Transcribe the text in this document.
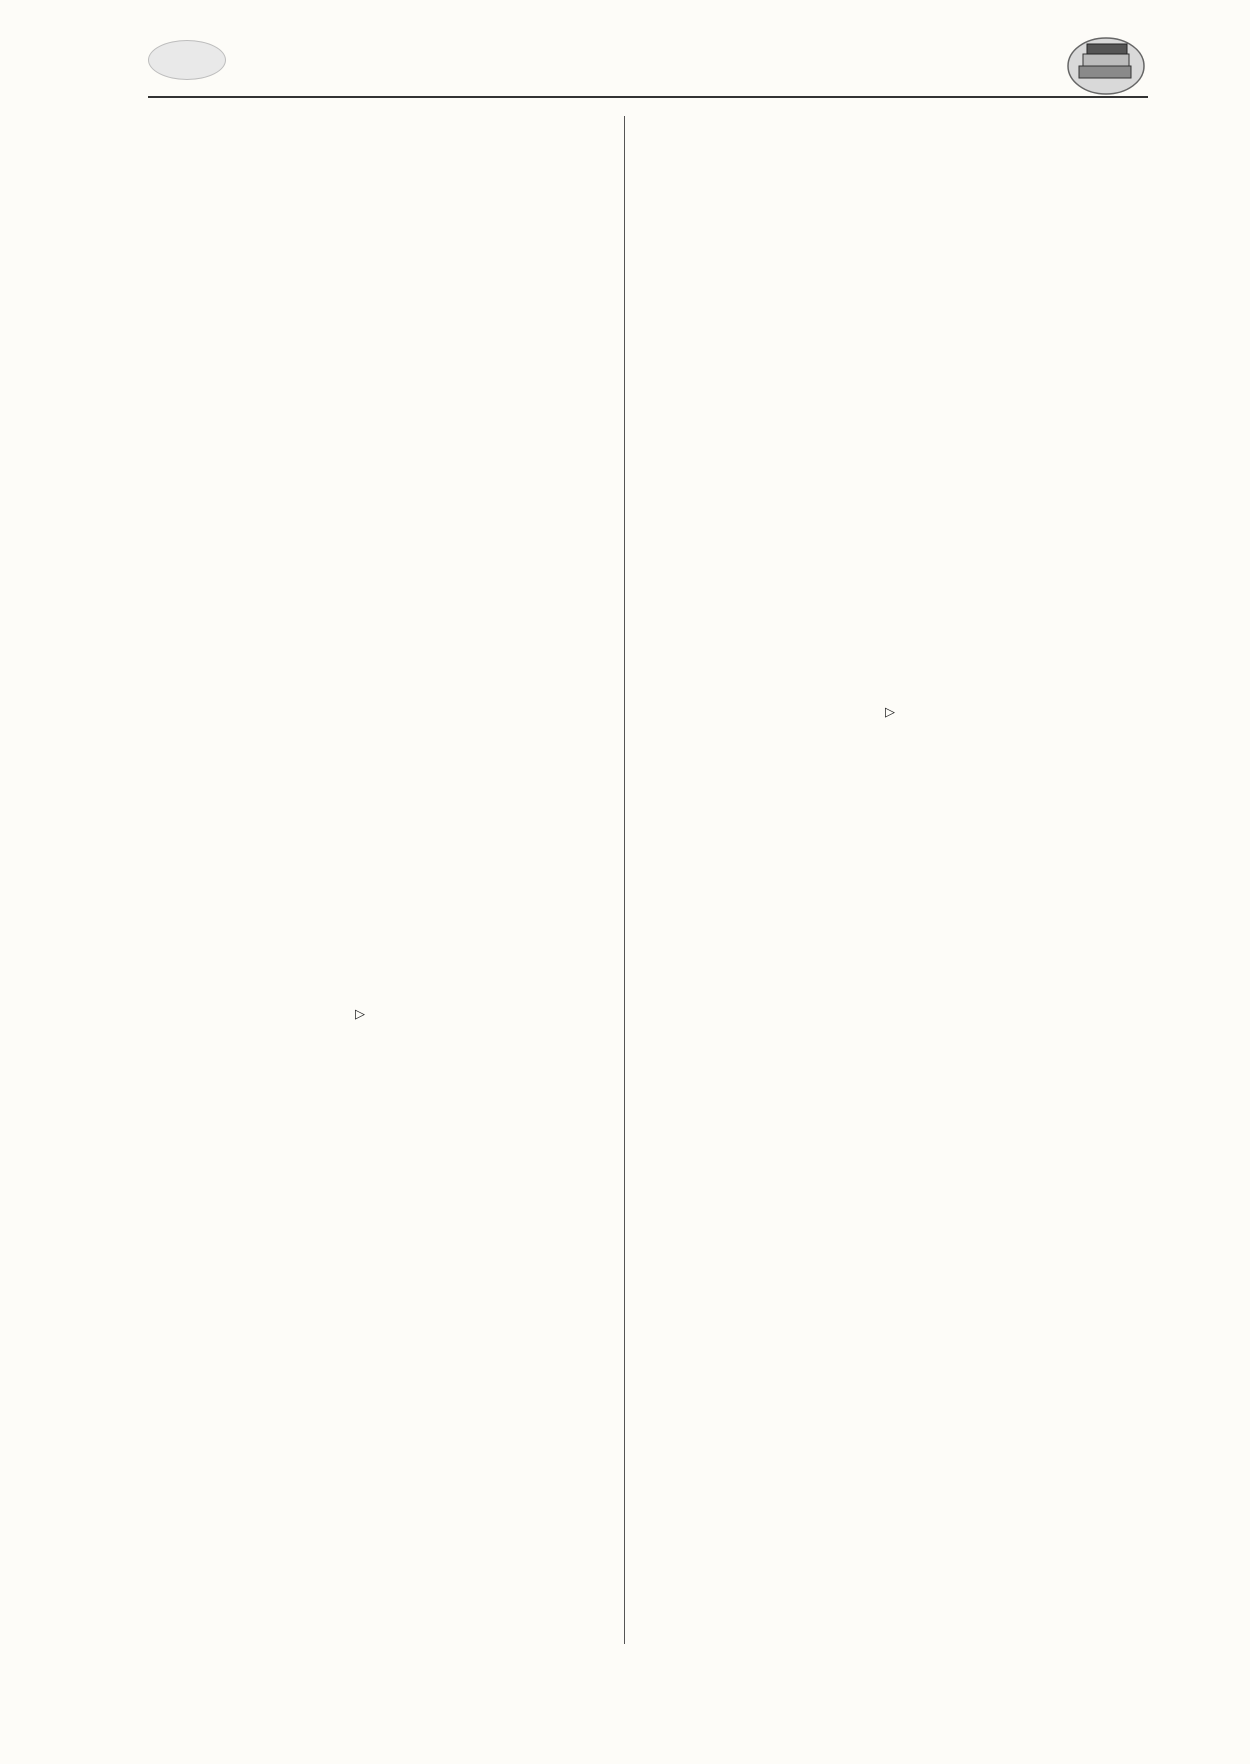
▷
▷
